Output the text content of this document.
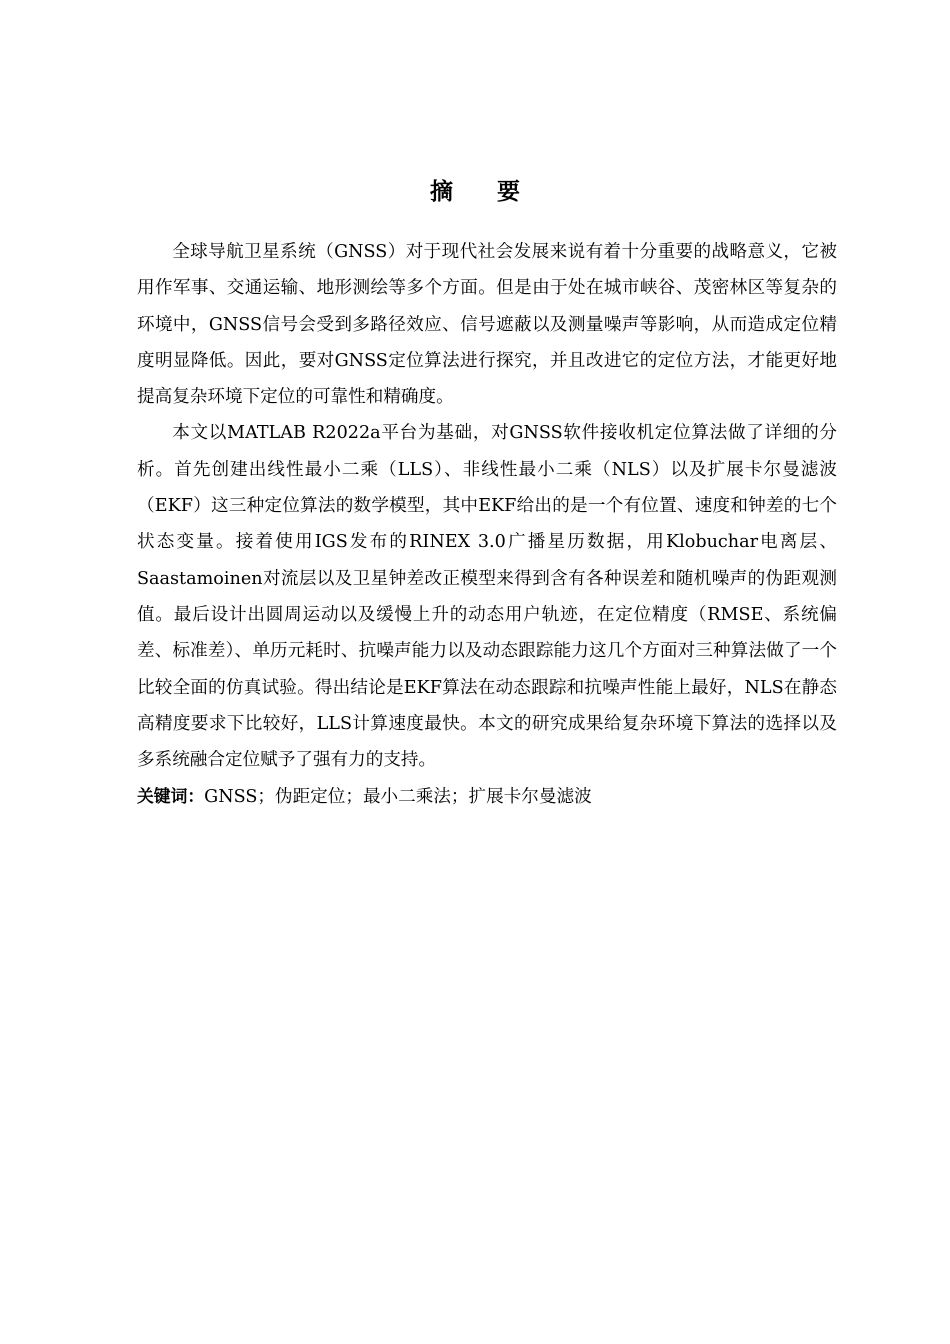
摘 要

全球导航卫星系统（GNSS）对于现代社会发展来说有着十分重要的战略意义，它被用作军事、交通运输、地形测绘等多个方面。但是由于处在城市峡谷、茂密林区等复杂的环境中，GNSS信号会受到多路径效应、信号遮蔽以及测量噪声等影响，从而造成定位精度明显降低。因此，要对GNSS定位算法进行探究，并且改进它的定位方法，才能更好地提高复杂环境下定位的可靠性和精确度。

本文以MATLAB R2022a平台为基础，对GNSS软件接收机定位算法做了详细的分析。首先创建出线性最小二乘（LLS）、非线性最小二乘（NLS）以及扩展卡尔曼滤波（EKF）这三种定位算法的数学模型，其中EKF给出的是一个有位置、速度和钟差的七个状态变量。接着使用IGS发布的RINEX 3.0广播星历数据，用Klobuchar电离层、Saastamoinen对流层以及卫星钟差改正模型来得到含有各种误差和随机噪声的伪距观测值。最后设计出圆周运动以及缓慢上升的动态用户轨迹，在定位精度（RMSE、系统偏差、标准差）、单历元耗时、抗噪声能力以及动态跟踪能力这几个方面对三种算法做了一个比较全面的仿真试验。得出结论是EKF算法在动态跟踪和抗噪声性能上最好，NLS在静态高精度要求下比较好，LLS计算速度最快。本文的研究成果给复杂环境下算法的选择以及多系统融合定位赋予了强有力的支持。

关键词：GNSS；伪距定位；最小二乘法；扩展卡尔曼滤波
